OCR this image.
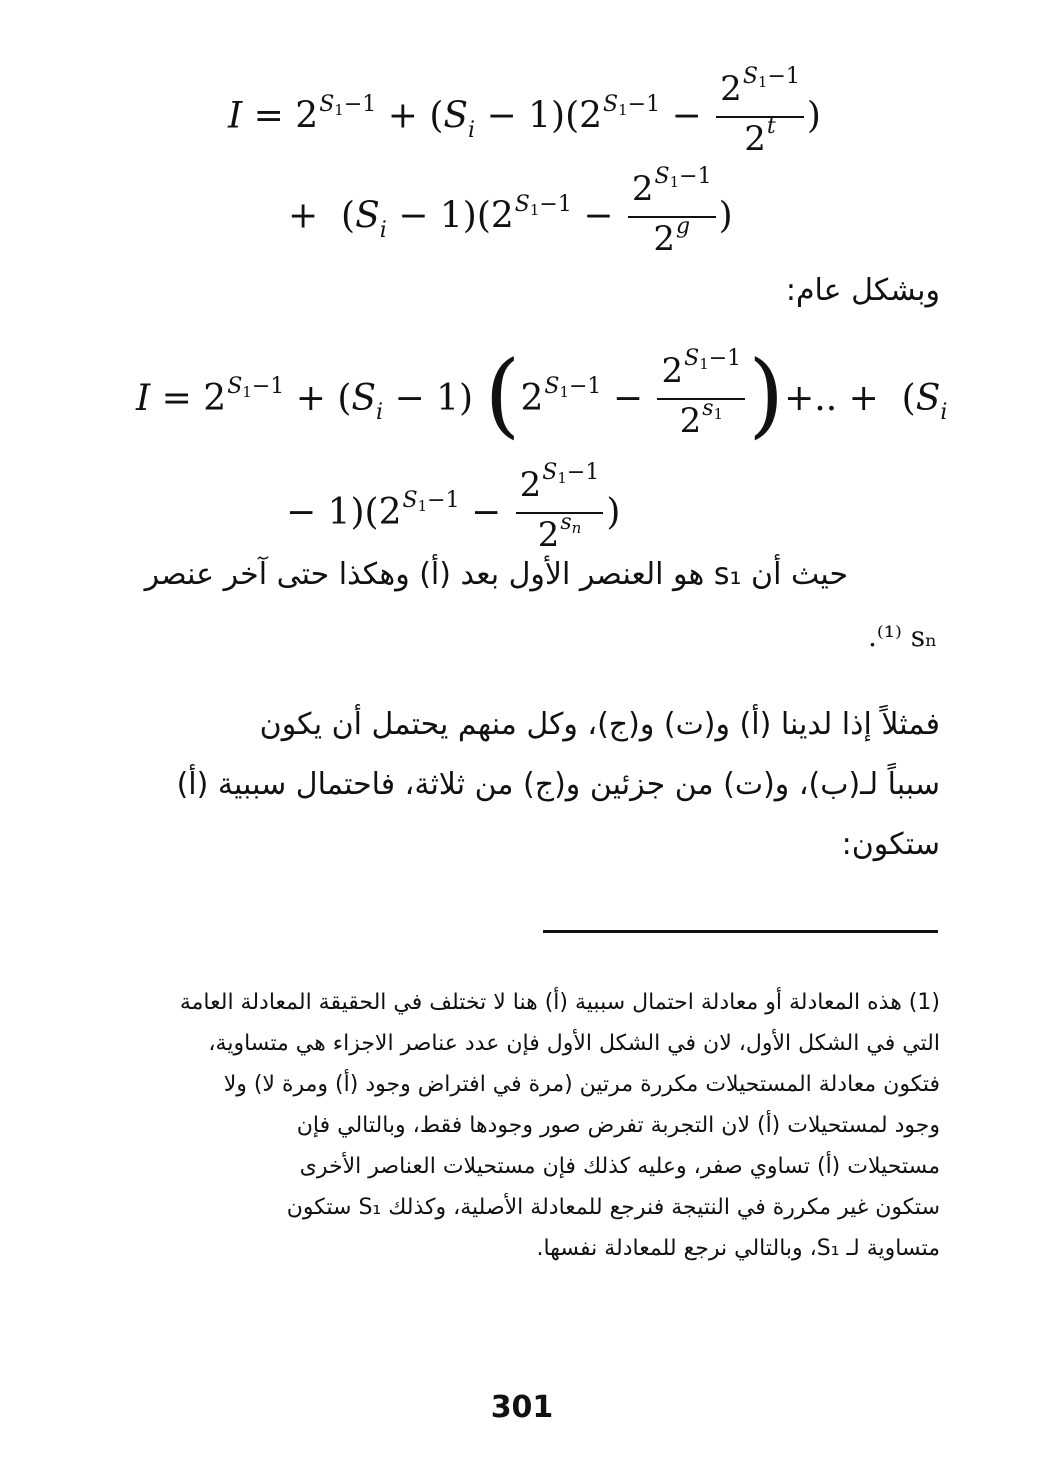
$I = 2^{S_1-1} + (S_i - 1)(2^{S_1-1} - \frac{2^{S_1-1}}{2^t}$ )
+  $(S_i - 1)(2^{S_1-1} - \frac{2^{S_1-1}}{2^g}$ )
وبشكل عام:
$I = 2^{S_1-1} + (S_i - 1) (2^{S_1-1} - \frac{2^{S_1-1}}{2^{s_1}}$ )+.. +  ($S_i$
− $1)(2^{S_1-1} - \frac{2^{S_1-1}}{2^{s_n}}$ )
حيث أن s₁ هو العنصر الأول بعد (أ) وهكذا حتى آخر عنصر
.⁽¹⁾ sₙ
فمثلاً إذا لدينا (أ) و(ت) و(ج)، وكل منهم يحتمل أن يكون
سبباً لـ(ب)، و(ت) من جزئين و(ج) من ثلاثة، فاحتمال سببية (أ)
ستكون:
(1) هذه المعادلة أو معادلة احتمال سببية (أ) هنا لا تختلف في الحقيقة المعادلة العامة
التي في الشكل الأول، لان في الشكل الأول فإن عدد عناصر الاجزاء هي متساوية،
فتكون معادلة المستحيلات مكررة مرتين (مرة في افتراض وجود (أ) ومرة لا) ولا
وجود لمستحيلات (أ) لان التجربة تفرض صور وجودها فقط، وبالتالي فإن
مستحيلات (أ) تساوي صفر، وعليه كذلك فإن مستحيلات العناصر الأخرى
ستكون غير مكررة في النتيجة فنرجع للمعادلة الأصلية، وكذلك S₁ ستكون
متساوية لـ S₁، وبالتالي نرجع للمعادلة نفسها.
301
